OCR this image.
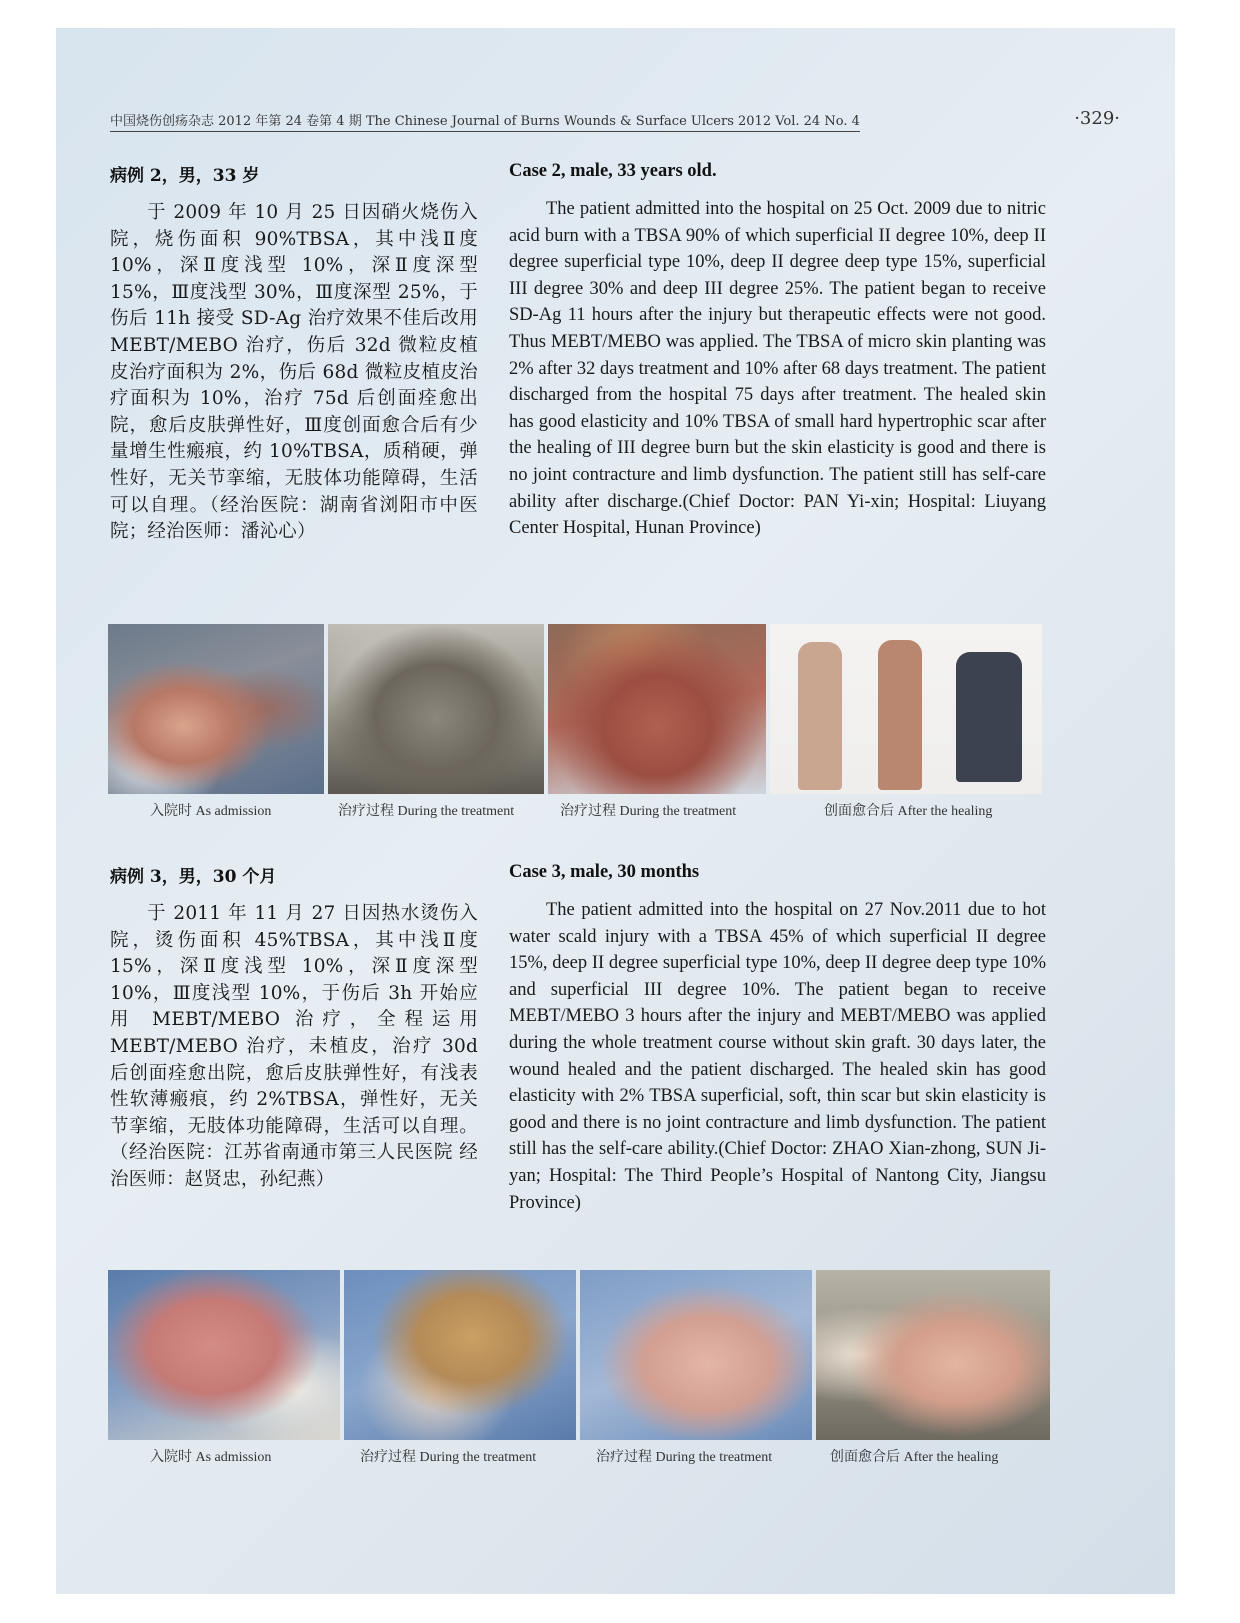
中国烧伤创疡杂志 2012 年第 24 卷第 4 期 The Chinese Journal of Burns Wounds & Surface Ulcers 2012 Vol. 24 No. 4	·329·
病例 2，男，33 岁

于 2009 年 10 月 25 日因硝火烧伤入院，烧伤面积 90%TBSA，其中浅Ⅱ度 10%，深Ⅱ度浅型 10%，深Ⅱ度深型 15%，Ⅲ度浅型 30%，Ⅲ度深型 25%，于伤后 11h 接受 SD-Ag 治疗效果不佳后改用 MEBT/MEBO 治疗，伤后 32d 微粒皮植皮治疗面积为 2%，伤后 68d 微粒皮植皮治疗面积为 10%，治疗 75d 后创面痊愈出院，愈后皮肤弹性好，Ⅲ度创面愈合后有少量增生性瘢痕，约 10%TBSA，质稍硬，弹性好，无关节挛缩，无肢体功能障碍，生活可以自理。（经治医院：湖南省浏阳市中医院；经治医师：潘沁心）

Case 2, male, 33 years old.

The patient admitted into the hospital on 25 Oct. 2009 due to nitric acid burn with a TBSA 90% of which superficial II degree 10%, deep II degree superficial type 10%, deep II degree deep type 15%, superficial III degree 30% and deep III degree 25%. The patient began to receive SD-Ag 11 hours after the injury but therapeutic effects were not good. Thus MEBT/MEBO was applied. The TBSA of micro skin planting was 2% after 32 days treatment and 10% after 68 days treatment. The patient discharged from the hospital 75 days after treatment. The healed skin has good elasticity and 10% TBSA of small hard hypertrophic scar after the healing of III degree burn but the skin elasticity is good and there is no joint contracture and limb dysfunction. The patient still has self-care ability after discharge.(Chief Doctor: PAN Yi-xin; Hospital: Liuyang Center Hospital, Hunan Province)

入院时 As admission	治疗过程 During the treatment	治疗过程 During the treatment	创面愈合后 After the healing
病例 3，男，30 个月

于 2011 年 11 月 27 日因热水烫伤入院，烫伤面积 45%TBSA，其中浅Ⅱ度 15%，深Ⅱ度浅型 10%，深Ⅱ度深型 10%，Ⅲ度浅型 10%，于伤后 3h 开始应用 MEBT/MEBO 治疗，全程运用 MEBT/MEBO 治疗，未植皮，治疗 30d 后创面痊愈出院，愈后皮肤弹性好，有浅表性软薄瘢痕，约 2%TBSA，弹性好，无关节挛缩，无肢体功能障碍，生活可以自理。（经治医院：江苏省南通市第三人民医院 经治医师：赵贤忠，孙纪燕）

Case 3, male, 30 months

The patient admitted into the hospital on 27 Nov.2011 due to hot water scald injury with a TBSA 45% of which superficial II degree 15%, deep II degree superficial type 10%, deep II degree deep type 10% and superficial III degree 10%. The patient began to receive MEBT/MEBO 3 hours after the injury and MEBT/MEBO was applied during the whole treatment course without skin graft. 30 days later, the wound healed and the patient discharged. The healed skin has good elasticity with 2% TBSA superficial, soft, thin scar but skin elasticity is good and there is no joint contracture and limb dysfunction. The patient still has the self-care ability.(Chief Doctor: ZHAO Xian-zhong, SUN Ji-yan; Hospital: The Third People’s Hospital of Nantong City, Jiangsu Province)

入院时 As admission	治疗过程 During the treatment	治疗过程 During the treatment	创面愈合后 After the healing
